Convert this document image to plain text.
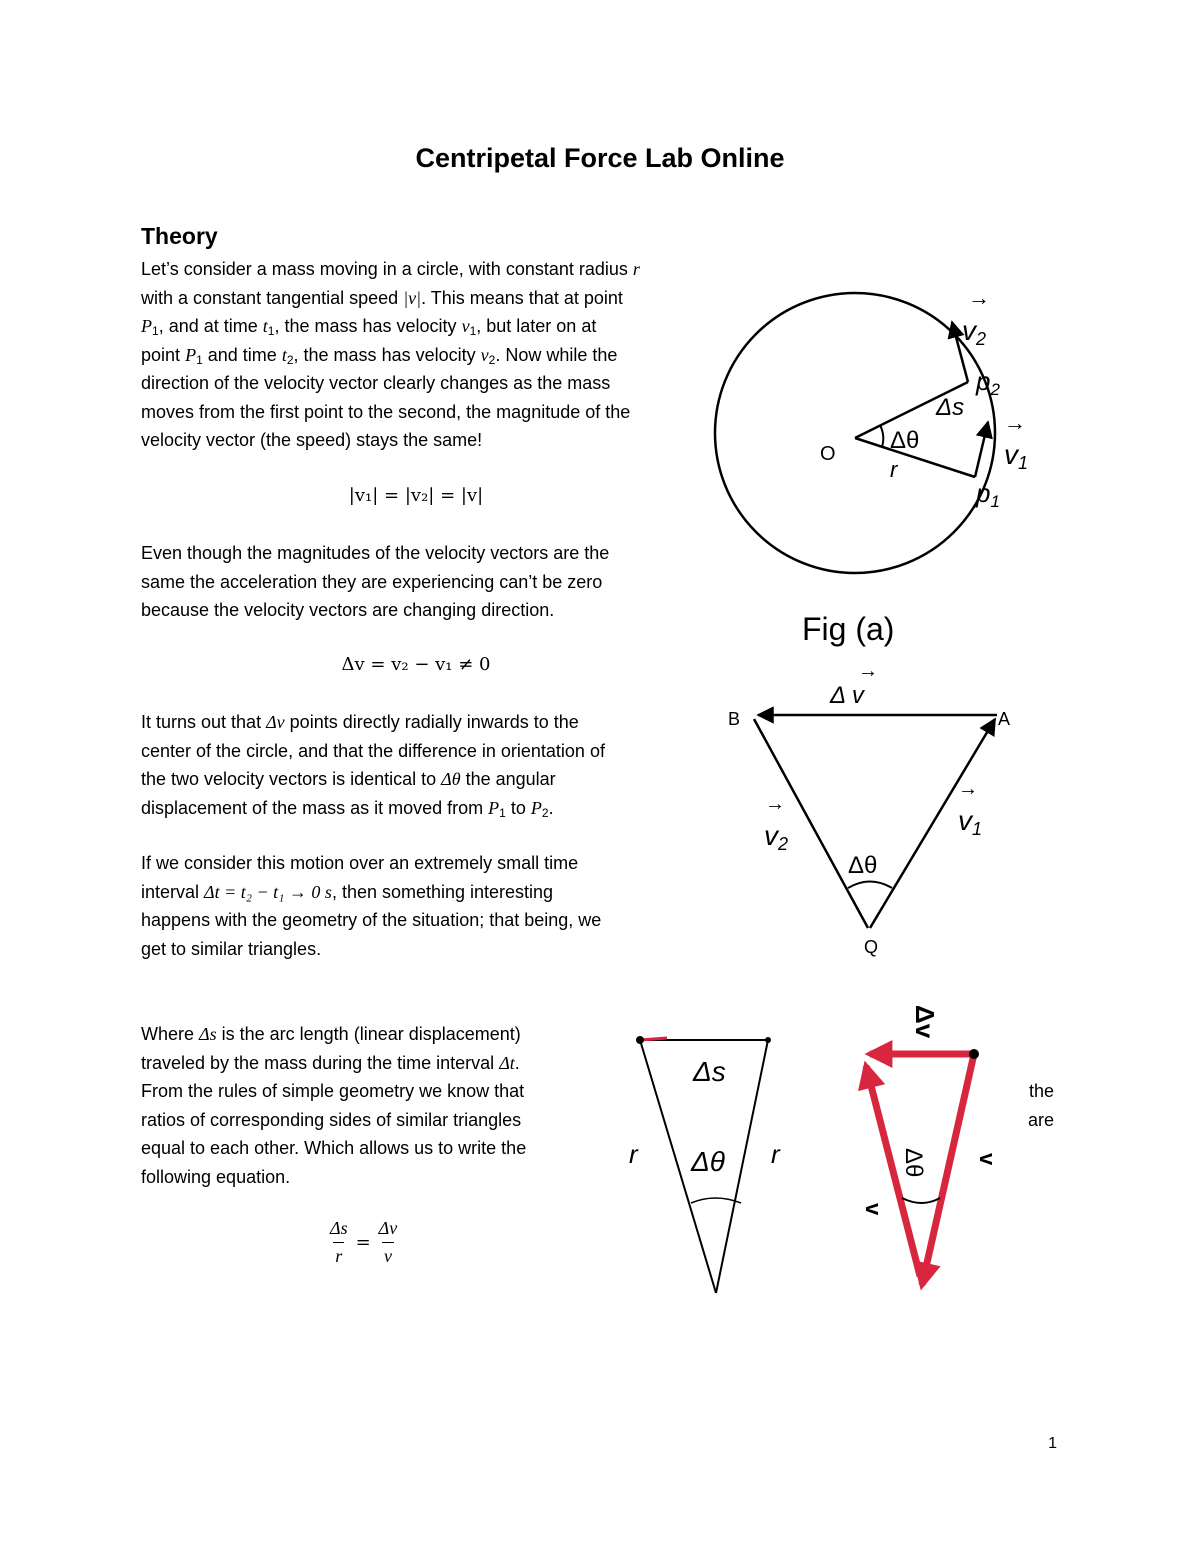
Centripetal Force Lab Online
Theory
Let’s consider a mass moving in a circle, with constant radius r
with a constant tangential speed |v|. This means that at point
$P_1$, and at time $t_1$, the mass has velocity $v_1$, but later on at
point $P_1$ and time $t_2$, the mass has velocity $v_2$. Now while the
direction of the velocity vector clearly changes as the mass
moves from the first point to the second, the magnitude of the
velocity vector (the speed) stays the same!
|v₁| = |v₂| = |v|
Even though the magnitudes of the velocity vectors are the
same the acceleration they are experiencing can’t be zero
because the velocity vectors are changing direction.
Δv = v₂ − v₁ ≠ 0
It turns out that Δv points directly radially inwards to the
center of the circle, and that the difference in orientation of
the two velocity vectors is identical to Δθ the angular
displacement of the mass as it moved from $P_1$ to $P_2$.
If we consider this motion over an extremely small time
interval Δt = t₂ − t₁ → 0 s, then something interesting
happens with the geometry of the situation; that being, we
get to similar triangles.
Where Δs is the arc length (linear displacement)
traveled by the mass during the time interval Δt.
From the rules of simple geometry we know that
ratios of corresponding sides of similar triangles
equal to each other. Which allows us to write the
following equation.
the
are
$\frac{\Delta s}{r} = \frac{\Delta v}{v}$
O
r
Δθ
Δs
p2
p1
→
v2
→
v1
Fig (a)
B	A
Q
→
Δ v
→
v2
→
v1
Δθ
Δs
Δθ
r	r
Δv
Δθ
v
v
1
